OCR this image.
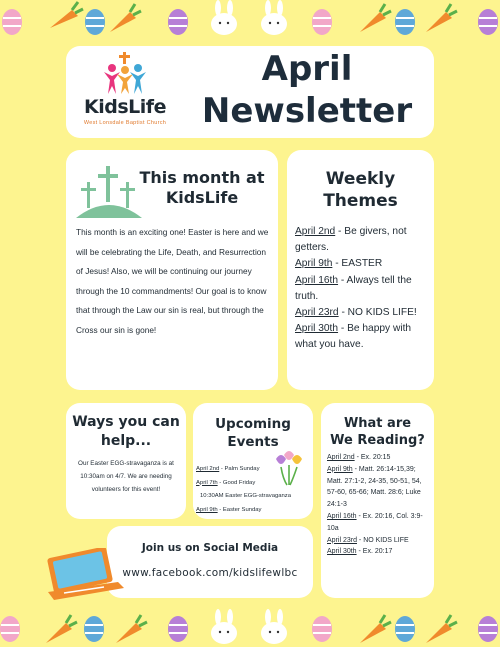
KidsLife
West Lonsdale Baptist Church
April
Newsletter
This month at
KidsLife
This month is an exciting one! Easter is here and we will be celebrating the Life, Death, and Resurrection of Jesus! Also, we will be continuing our journey through the 10 commandments! Our goal is to know that through the Law our sin is real, but through the Cross our sin is gone!
Weekly
Themes
April 2nd - Be givers, not getters.
April 9th - EASTER
April 16th - Always tell the truth.
April 23rd - NO KIDS LIFE!
April 30th - Be happy with what you have.
Ways you can
help...
Our Easter EGG-stravaganza is at 10:30am on 4/7. We are needing volunteers for this event!
Upcoming
Events
April 2nd - Palm Sunday
April 7th - Good Friday
10:30AM Easter EGG-stravaganza
April 9th - Easter Sunday
What are
We Reading?
April 2nd - Ex. 20:15
April 9th - Matt. 26:14-15,39; Matt. 27:1-2, 24-35, 50-51, 54, 57-60, 65-66; Matt. 28:6; Luke 24:1-3
April 16th - Ex. 20:16, Col. 3:9-10a
April 23rd - NO KIDS LIFE
April 30th - Ex. 20:17
Join us on Social Media
www.facebook.com/kidslifewlbc
